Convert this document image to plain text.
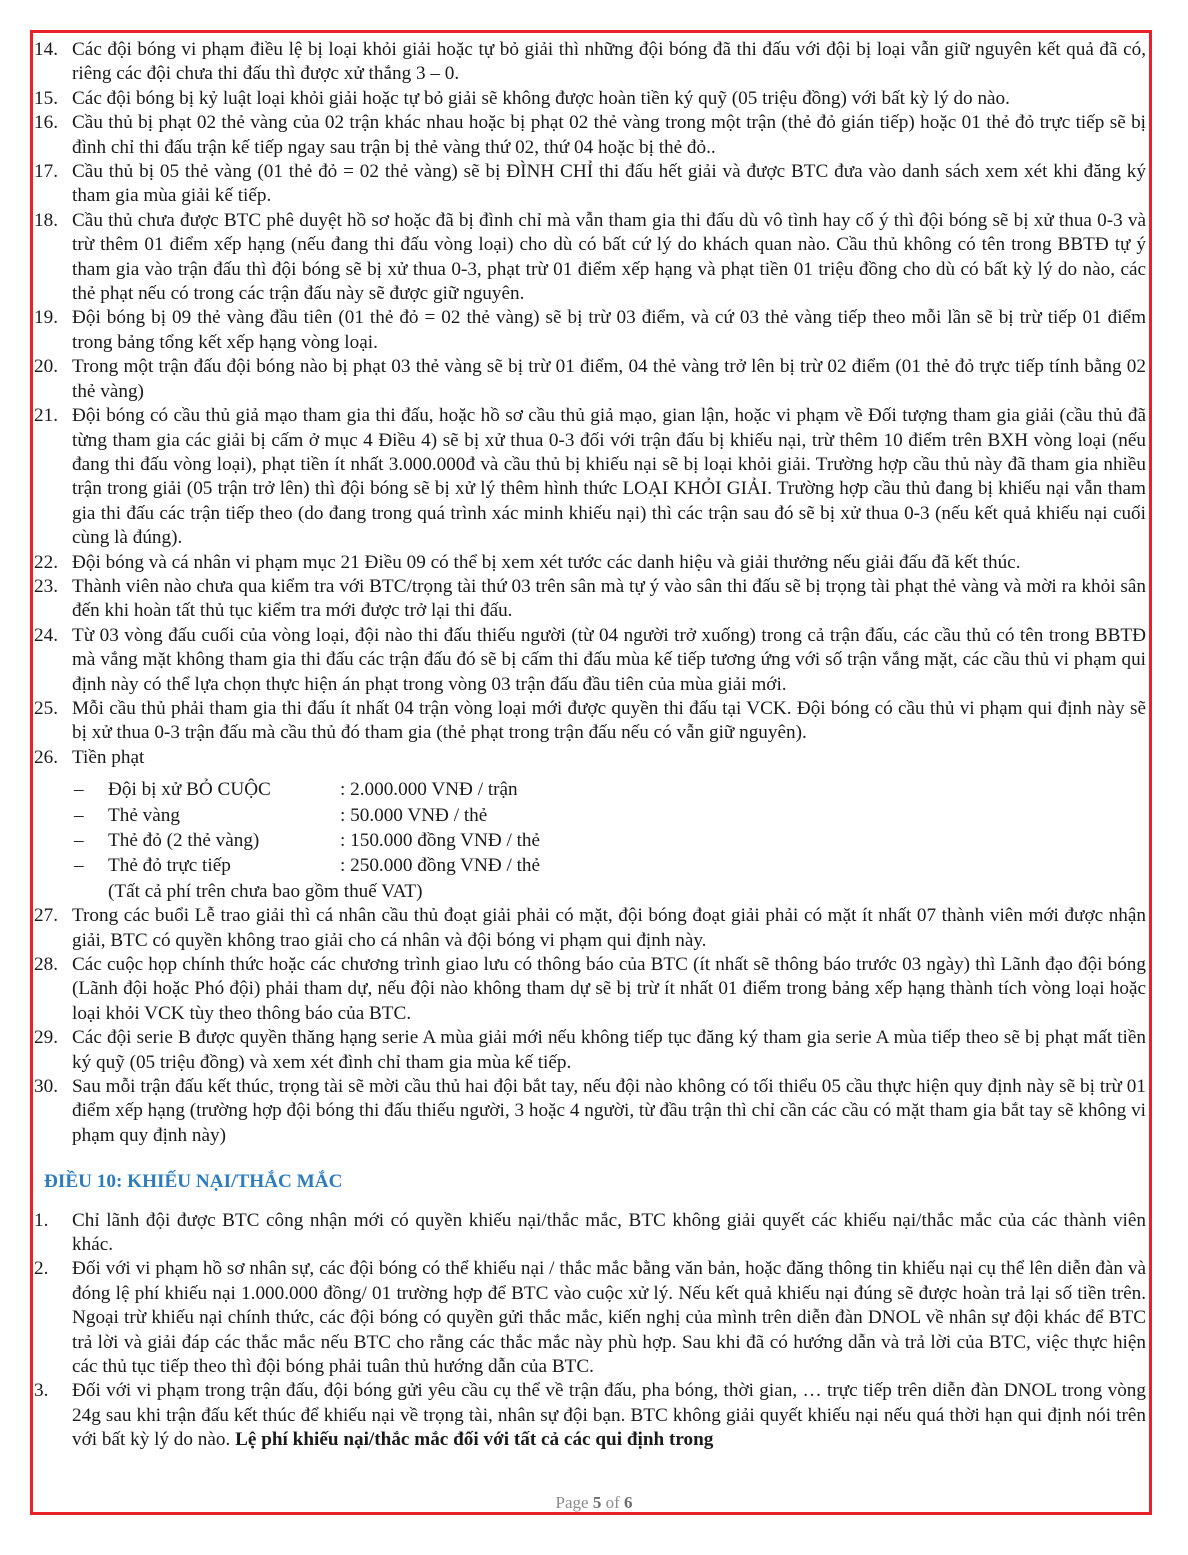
14. Các đội bóng vi phạm điều lệ bị loại khỏi giải hoặc tự bỏ giải thì những đội bóng đã thi đấu với đội bị loại vẫn giữ nguyên kết quả đã có, riêng các đội chưa thi đấu thì được xử thắng 3 – 0.
15. Các đội bóng bị kỷ luật loại khỏi giải hoặc tự bỏ giải sẽ không được hoàn tiền ký quỹ (05 triệu đồng) với bất kỳ lý do nào.
16. Cầu thủ bị phạt 02 thẻ vàng của 02 trận khác nhau hoặc bị phạt 02 thẻ vàng trong một trận (thẻ đỏ gián tiếp) hoặc 01 thẻ đỏ trực tiếp sẽ bị đình chỉ thi đấu trận kế tiếp ngay sau trận bị thẻ vàng thứ 02, thứ 04 hoặc bị thẻ đỏ..
17. Cầu thủ bị 05 thẻ vàng (01 thẻ đỏ = 02 thẻ vàng) sẽ bị ĐÌNH CHỈ thi đấu hết giải và được BTC đưa vào danh sách xem xét khi đăng ký tham gia mùa giải kế tiếp.
18. Cầu thủ chưa được BTC phê duyệt hồ sơ hoặc đã bị đình chỉ mà vẫn tham gia thi đấu dù vô tình hay cố ý thì đội bóng sẽ bị xử thua 0-3 và trừ thêm 01 điểm xếp hạng (nếu đang thi đấu vòng loại) cho dù có bất cứ lý do khách quan nào. Cầu thủ không có tên trong BBTĐ tự ý tham gia vào trận đấu thì đội bóng sẽ bị xử thua 0-3, phạt trừ 01 điểm xếp hạng và phạt tiền 01 triệu đồng cho dù có bất kỳ lý do nào, các thẻ phạt nếu có trong các trận đấu này sẽ được giữ nguyên.
19. Đội bóng bị 09 thẻ vàng đầu tiên (01 thẻ đỏ = 02 thẻ vàng) sẽ bị trừ 03 điểm, và cứ 03 thẻ vàng tiếp theo mỗi lần sẽ bị trừ tiếp 01 điểm trong bảng tổng kết xếp hạng vòng loại.
20. Trong một trận đấu đội bóng nào bị phạt 03 thẻ vàng sẽ bị trừ 01 điểm, 04 thẻ vàng trở lên bị trừ 02 điểm (01 thẻ đỏ trực tiếp tính bằng 02 thẻ vàng)
21. Đội bóng có cầu thủ giả mạo tham gia thi đấu, hoặc hồ sơ cầu thủ giả mạo, gian lận, hoặc vi phạm về Đối tượng tham gia giải (cầu thủ đã từng tham gia các giải bị cấm ở mục 4 Điều 4) sẽ bị xử thua 0-3 đối với trận đấu bị khiếu nại, trừ thêm 10 điểm trên BXH vòng loại (nếu đang thi đấu vòng loại), phạt tiền ít nhất 3.000.000đ và cầu thủ bị khiếu nại sẽ bị loại khỏi giải. Trường hợp cầu thủ này đã tham gia nhiều trận trong giải (05 trận trở lên) thì đội bóng sẽ bị xử lý thêm hình thức LOẠI KHỎI GIẢI. Trường hợp cầu thủ đang bị khiếu nại vẫn tham gia thi đấu các trận tiếp theo (do đang trong quá trình xác minh khiếu nại) thì các trận sau đó sẽ bị xử thua 0-3 (nếu kết quả khiếu nại cuối cùng là đúng).
22. Đội bóng và cá nhân vi phạm mục 21 Điều 09 có thể bị xem xét tước các danh hiệu và giải thưởng nếu giải đấu đã kết thúc.
23. Thành viên nào chưa qua kiểm tra với BTC/trọng tài thứ 03 trên sân mà tự ý vào sân thi đấu sẽ bị trọng tài phạt thẻ vàng và mời ra khỏi sân đến khi hoàn tất thủ tục kiểm tra mới được trở lại thi đấu.
24. Từ 03 vòng đấu cuối của vòng loại, đội nào thi đấu thiếu người (từ 04 người trở xuống) trong cả trận đấu, các cầu thủ có tên trong BBTĐ mà vắng mặt không tham gia thi đấu các trận đấu đó sẽ bị cấm thi đấu mùa kế tiếp tương ứng với số trận vắng mặt, các cầu thủ vi phạm qui định này có thể lựa chọn thực hiện án phạt trong vòng 03 trận đấu đầu tiên của mùa giải mới.
25. Mỗi cầu thủ phải tham gia thi đấu ít nhất 04 trận vòng loại mới được quyền thi đấu tại VCK. Đội bóng có cầu thủ vi phạm qui định này sẽ bị xử thua 0-3 trận đấu mà cầu thủ đó tham gia (thẻ phạt trong trận đấu nếu có vẫn giữ nguyên).
26. Tiền phạt
– Đội bị xử BỎ CUỘC	: 2.000.000 VNĐ / trận
– Thẻ vàng	: 50.000 VNĐ / thẻ
– Thẻ đỏ (2 thẻ vàng)	: 150.000 đồng VNĐ / thẻ
– Thẻ đỏ trực tiếp	: 250.000 đồng VNĐ / thẻ
(Tất cả phí trên chưa bao gồm thuế VAT)
27. Trong các buổi Lễ trao giải thì cá nhân cầu thủ đoạt giải phải có mặt, đội bóng đoạt giải phải có mặt ít nhất 07 thành viên mới được nhận giải, BTC có quyền không trao giải cho cá nhân và đội bóng vi phạm qui định này.
28. Các cuộc họp chính thức hoặc các chương trình giao lưu có thông báo của BTC (ít nhất sẽ thông báo trước 03 ngày) thì Lãnh đạo đội bóng (Lãnh đội hoặc Phó đội) phải tham dự, nếu đội nào không tham dự sẽ bị trừ ít nhất 01 điểm trong bảng xếp hạng thành tích vòng loại hoặc loại khỏi VCK tùy theo thông báo của BTC.
29. Các đội serie B được quyền thăng hạng serie A mùa giải mới nếu không tiếp tục đăng ký tham gia serie A mùa tiếp theo sẽ bị phạt mất tiền ký quỹ (05 triệu đồng) và xem xét đình chỉ tham gia mùa kế tiếp.
30. Sau mỗi trận đấu kết thúc, trọng tài sẽ mời cầu thủ hai đội bắt tay, nếu đội nào không có tối thiểu 05 cầu thực hiện quy định này sẽ bị trừ 01 điểm xếp hạng (trường hợp đội bóng thi đấu thiếu người, 3 hoặc 4 người, từ đầu trận thì chỉ cần các cầu có mặt tham gia bắt tay sẽ không vi phạm quy định này)
ĐIỀU 10: KHIẾU NẠI/THẮC MẮC
1. Chỉ lãnh đội được BTC công nhận mới có quyền khiếu nại/thắc mắc, BTC không giải quyết các khiếu nại/thắc mắc của các thành viên khác.
2. Đối với vi phạm hồ sơ nhân sự, các đội bóng có thể khiếu nại / thắc mắc bằng văn bản, hoặc đăng thông tin khiếu nại cụ thể lên diễn đàn và đóng lệ phí khiếu nại 1.000.000 đồng/ 01 trường hợp để BTC vào cuộc xử lý. Nếu kết quả khiếu nại đúng sẽ được hoàn trả lại số tiền trên. Ngoại trừ khiếu nại chính thức, các đội bóng có quyền gửi thắc mắc, kiến nghị của mình trên diễn đàn DNOL về nhân sự đội khác để BTC trả lời và giải đáp các thắc mắc nếu BTC cho rằng các thắc mắc này phù hợp. Sau khi đã có hướng dẫn và trả lời của BTC, việc thực hiện các thủ tục tiếp theo thì đội bóng phải tuân thủ hướng dẫn của BTC.
3. Đối với vi phạm trong trận đấu, đội bóng gửi yêu cầu cụ thể về trận đấu, pha bóng, thời gian, … trực tiếp trên diễn đàn DNOL trong vòng 24g sau khi trận đấu kết thúc để khiếu nại về trọng tài, nhân sự đội bạn. BTC không giải quyết khiếu nại nếu quá thời hạn qui định nói trên với bất kỳ lý do nào. Lệ phí khiếu nại/thắc mắc đối với tất cả các qui định trong
Page 5 of 6
